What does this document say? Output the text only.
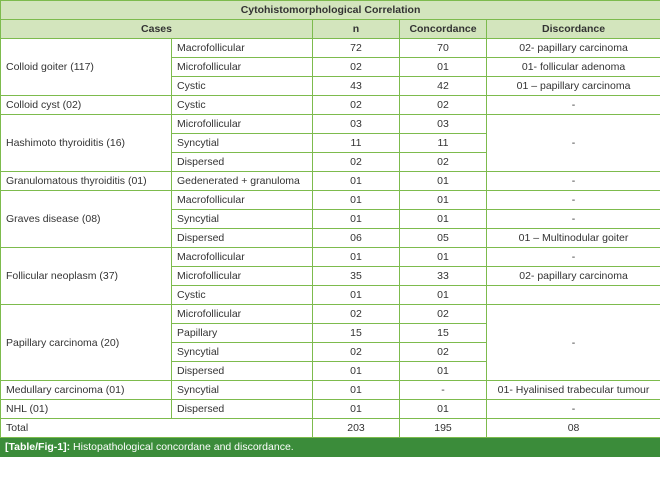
Cytohistomorphological Correlation				
Cases		n	Concordance	Discordance
Colloid goiter (117)	Macrofollicular	72	70	02- papillary carcinoma
	Microfollicular	02	01	01- follicular adenoma
	Cystic	43	42	01 – papillary carcinoma
Colloid cyst (02)	Cystic	02	02	-
Hashimoto thyroiditis (16)	Microfollicular	03	03	-
	Syncytial	11	11	
	Dispersed	02	02	
Granulomatous thyroiditis (01)	Gedenerated + granuloma	01	01	-
Graves disease (08)	Macrofollicular	01	01	-
	Syncytial	01	01	-
	Dispersed	06	05	01 – Multinodular goiter
Follicular neoplasm (37)	Macrofollicular	01	01	-
	Microfollicular	35	33	02- papillary carcinoma
	Cystic	01	01	
Papillary carcinoma (20)	Microfollicular	02	02	-
	Papillary	15	15	
	Syncytial	02	02	
	Dispersed	01	01	
Medullary carcinoma (01)	Syncytial	01	-	01- Hyalinised trabecular tumour
NHL (01)	Dispersed	01	01	-
Total		203	195	08
[Table/Fig-1]: Histopathological concordane and discordance.
